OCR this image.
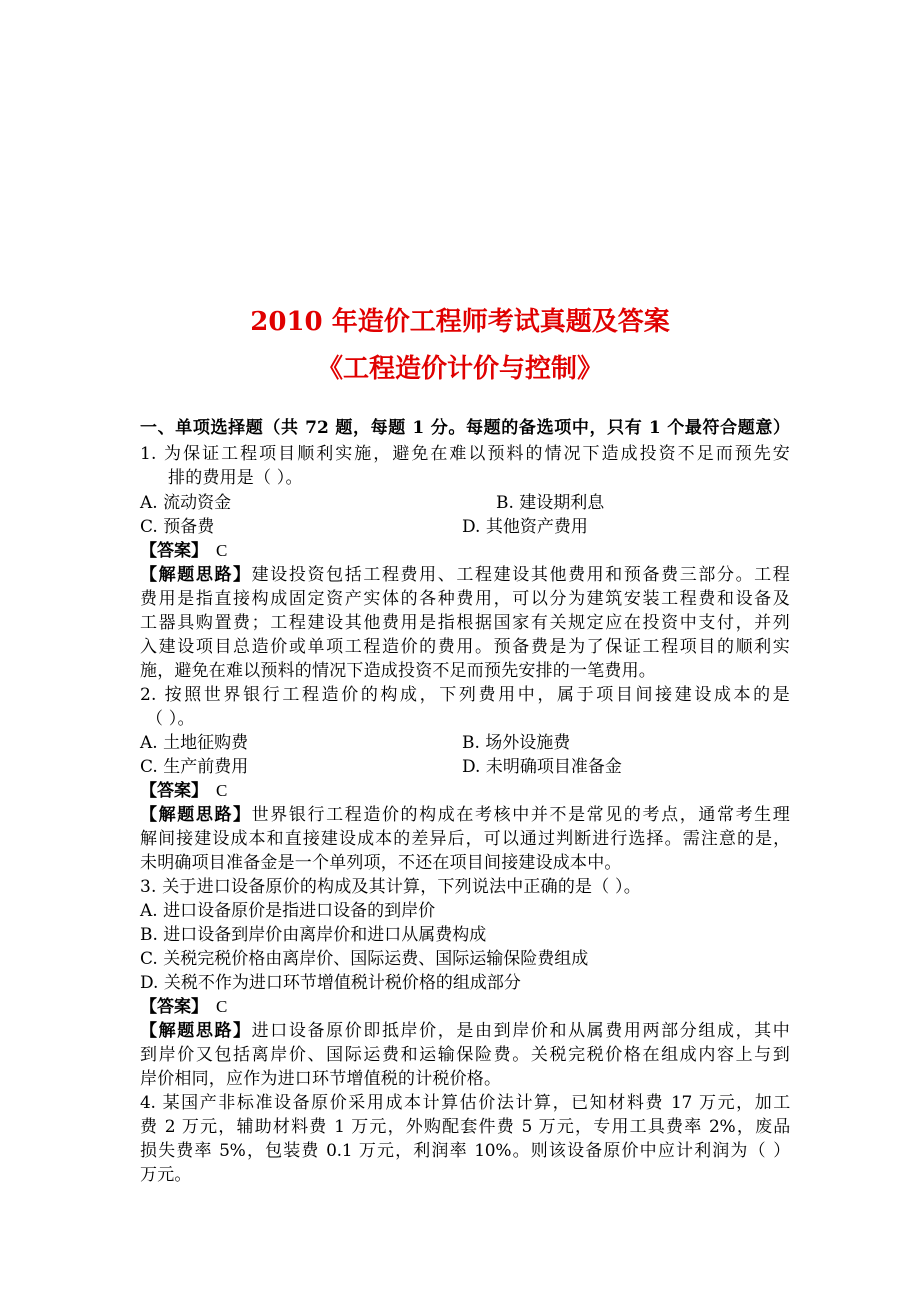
2010 年造价工程师考试真题及答案
《工程造价计价与控制》
一、单项选择题（共 72 题，每题 1 分。每题的备选项中，只有 1 个最符合题意）
1. 为保证工程项目顺利实施，避免在难以预料的情况下造成投资不足而预先安
排的费用是（ ）。
A. 流动资金	B. 建设期利息
C. 预备费	D. 其他资产费用
【答案】 C
【解题思路】建设投资包括工程费用、工程建设其他费用和预备费三部分。工程
费用是指直接构成固定资产实体的各种费用，可以分为建筑安装工程费和设备及
工器具购置费；工程建设其他费用是指根据国家有关规定应在投资中支付，并列
入建设项目总造价或单项工程造价的费用。预备费是为了保证工程项目的顺利实
施，避免在难以预料的情况下造成投资不足而预先安排的一笔费用。
2. 按照世界银行工程造价的构成，下列费用中，属于项目间接建设成本的是
（ ）。
A. 土地征购费	B. 场外设施费
C. 生产前费用	D. 未明确项目准备金
【答案】 C
【解题思路】世界银行工程造价的构成在考核中并不是常见的考点，通常考生理
解间接建设成本和直接建设成本的差异后，可以通过判断进行选择。需注意的是，
未明确项目准备金是一个单列项，不还在项目间接建设成本中。
3. 关于进口设备原价的构成及其计算，下列说法中正确的是（ ）。
A. 进口设备原价是指进口设备的到岸价
B. 进口设备到岸价由离岸价和进口从属费构成
C. 关税完税价格由离岸价、国际运费、国际运输保险费组成
D. 关税不作为进口环节增值税计税价格的组成部分
【答案】 C
【解题思路】进口设备原价即抵岸价，是由到岸价和从属费用两部分组成，其中
到岸价又包括离岸价、国际运费和运输保险费。关税完税价格在组成内容上与到
岸价相同，应作为进口环节增值税的计税价格。
4. 某国产非标准设备原价采用成本计算估价法计算，已知材料费 17 万元，加工
费 2 万元，辅助材料费 1 万元，外购配套件费 5 万元，专用工具费率 2%，废品
损失费率 5%，包装费 0.1 万元，利润率 10%。则该设备原价中应计利润为（ ）
万元。
